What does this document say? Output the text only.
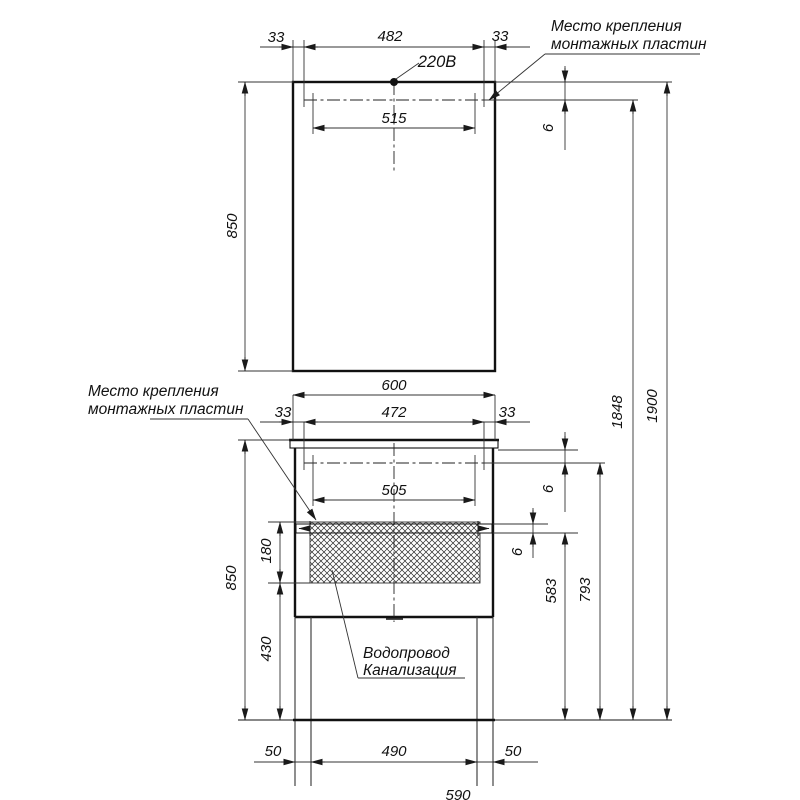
33	482	33
515
6
850
600
33	472	33
505	6
6
180
430
850
583 793
1848 1900
50	490	50
590
220В
Место крепления
монтажных пластин
Место крепления
монтажных пластин
Водопровод
Канализация
